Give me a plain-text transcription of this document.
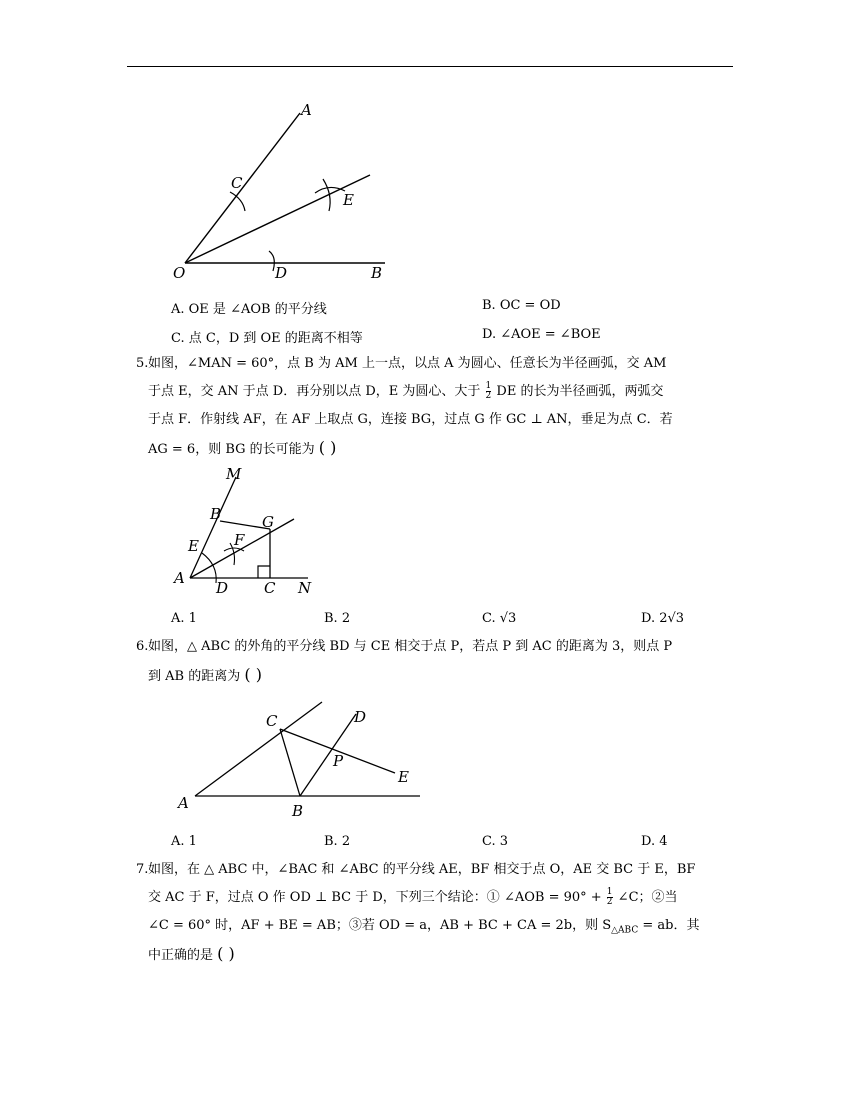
A
C
E
O	D	B
A. OE 是 ∠AOB 的平分线	B. OC = OD
C. 点 C，D 到 OE 的距离不相等	D. ∠AOE = ∠BOE
5. 如图，∠MAN = 60°，点 B 为 AM 上一点，以点 A 为圆心、任意长为半径画弧，交 AM
于点 E，交 AN 于点 D．再分别以点 D，E 为圆心、大于 $\frac{1}{2}$ DE 的长为半径画弧，两弧交
于点 F．作射线 AF，在 AF 上取点 G，连接 BG，过点 G 作 GC ⊥ AN，垂足为点 C．若
AG = 6，则 BG 的长可能为 ( )
M
B	G
E F
A
D C N
A. 1	B. 2	C. √3	D. 2√3
6. 如图，△ ABC 的外角的平分线 BD 与 CE 相交于点 P，若点 P 到 AC 的距离为 3，则点 P
到 AB 的距离为 ( )
C	D
P
E
A	B
A. 1	B. 2	C. 3	D. 4
7. 如图，在 △ ABC 中，∠BAC 和 ∠ABC 的平分线 AE，BF 相交于点 O，AE 交 BC 于 E，BF
交 AC 于 F，过点 O 作 OD ⊥ BC 于 D，下列三个结论：① ∠AOB = $90^\circ + \frac{1}{2}$ ∠C；②当
∠C = 60° 时，AF + BE = AB；③若 OD = a，AB + BC + CA = 2b，则 $S_{\triangle ABC}$ = ab．其
中正确的是 ( )
